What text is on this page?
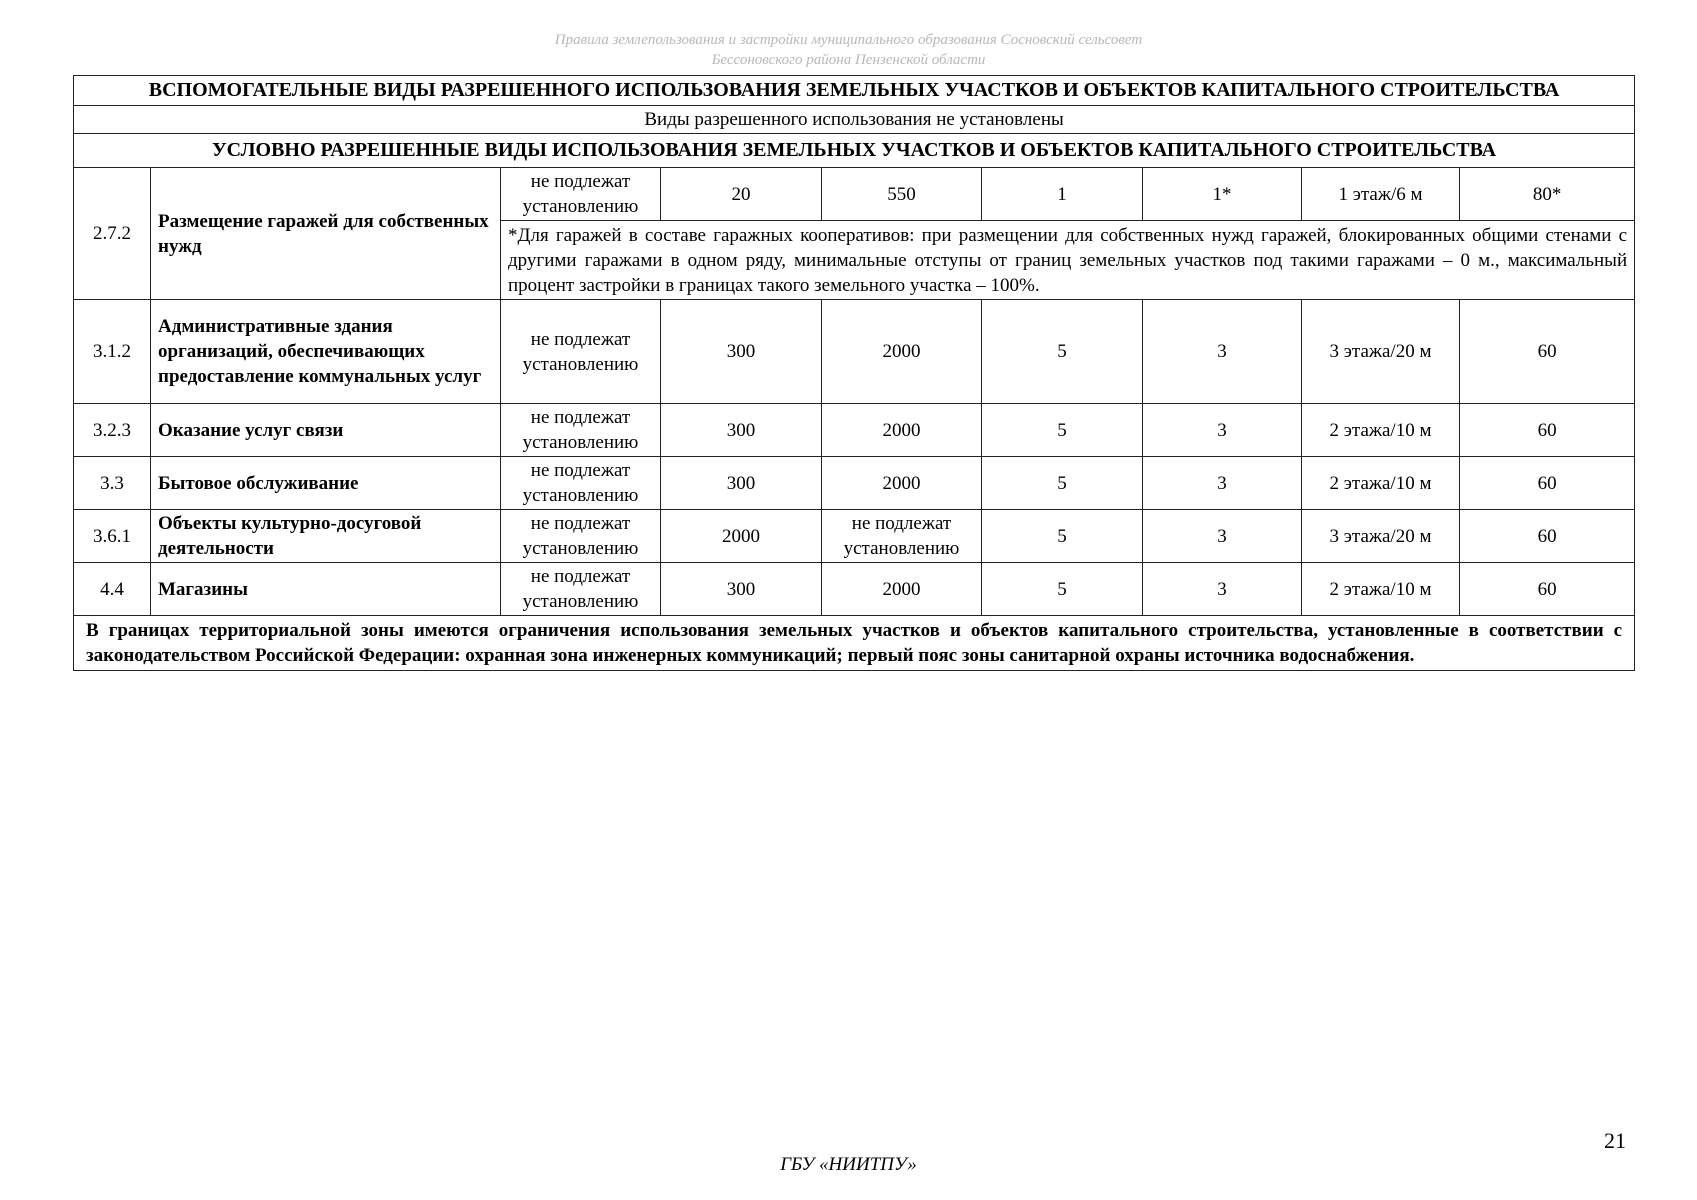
Правила землепользования и застройки муниципального образования Сосновский сельсовет
Бессоновского района Пензенской области
ВСПОМОГАТЕЛЬНЫЕ ВИДЫ РАЗРЕШЕННОГО ИСПОЛЬЗОВАНИЯ ЗЕМЕЛЬНЫХ УЧАСТКОВ И ОБЪЕКТОВ КАПИТАЛЬНОГО СТРОИТЕЛЬСТВА								
Виды разрешенного использования не установлены								
УСЛОВНО РАЗРЕШЕННЫЕ ВИДЫ ИСПОЛЬЗОВАНИЯ ЗЕМЕЛЬНЫХ УЧАСТКОВ И ОБЪЕКТОВ КАПИТАЛЬНОГО СТРОИТЕЛЬСТВА								
2.7.2	Размещение гаражей для собственных нужд	не подлежат установлению	20	550	1	1*	1 этаж/6 м	80*
		*Для гаражей в составе гаражных кооперативов: при размещении для собственных нужд гаражей, блокированных общими стенами с другими гаражами в одном ряду, минимальные отступы от границ земельных участков под такими гаражами – 0 м., максимальный процент застройки в границах такого земельного участка – 100%.						
3.1.2	Административные здания организаций, обеспечивающих предоставление коммунальных услуг	не подлежат установлению	300	2000	5	3	3 этажа/20 м	60
3.2.3	Оказание услуг связи	не подлежат установлению	300	2000	5	3	2 этажа/10 м	60
3.3	Бытовое обслуживание	не подлежат установлению	300	2000	5	3	2 этажа/10 м	60
3.6.1	Объекты культурно-досуговой деятельности	не подлежат установлению	2000	не подлежат установлению	5	3	3 этажа/20 м	60
4.4	Магазины	не подлежат установлению	300	2000	5	3	2 этажа/10 м	60
В границах территориальной зоны имеются ограничения использования земельных участков и объектов капитального строительства, установленные в соответствии с законодательством Российской Федерации: охранная зона инженерных коммуникаций; первый пояс зоны санитарной охраны источника водоснабжения.								
21
ГБУ «НИИТПУ»
